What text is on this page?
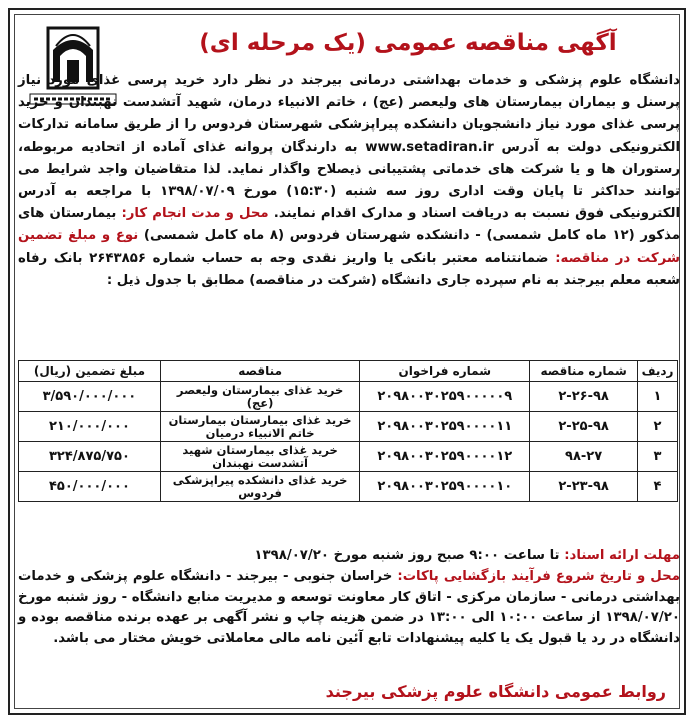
آگهی مناقصه عمومی (یک مرحله ای)
دانشگاه علوم پزشکی و خدمات بهداشتی درمانی بیرجند در نظر دارد خرید پرسی غذای مورد نیاز پرسنل و بیماران بیمارستان های ولیعصر (عج) ، خاتم الانبیاء درمان، شهید آتشدست نهبندان و خرید پرسی غذای مورد نیاز دانشجویان دانشکده پیراپزشکی شهرستان فردوس را از طریق سامانه تدارکات الکترونیکی دولت به آدرس www.setadiran.ir به دارندگان پروانه غذای آماده از اتحادیه مربوطه، رستوران ها و یا شرکت های خدماتی پشتیبانی ذیصلاح واگذار نماید. لذا متقاضیان واجد شرایط می توانند حداکثر تا پایان وقت اداری روز سه شنبه (۱۵:۳۰) مورخ ۱۳۹۸/۰۷/۰۹ با مراجعه به آدرس الکترونیکی فوق نسبت به دریافت اسناد و مدارک اقدام نمایند. محل و مدت انجام کار: بیمارستان های مذکور (۱۲ ماه کامل شمسی) - دانشکده شهرستان فردوس (۸ ماه کامل شمسی) نوع و مبلغ تضمین شرکت در مناقصه: ضمانتنامه معتبر بانکی یا واریز نقدی وجه به حساب شماره ۲۶۴۳۸۵۶ بانک رفاه شعبه معلم بیرجند به نام سپرده جاری دانشگاه (شرکت در مناقصه) مطابق با جدول ذیل :
ردیف	شماره مناقصه	شماره فراخوان	مناقصه	مبلغ تضمین (ریال)
۱	۲-۲۶-۹۸	۲۰۹۸۰۰۳۰۲۵۹۰۰۰۰۰۹	خرید غذای بیمارستان ولیعصر (عج)	۳/۵۹۰/۰۰۰/۰۰۰
۲	۲-۲۵-۹۸	۲۰۹۸۰۰۳۰۲۵۹۰۰۰۰۱۱	خرید غذای بیمارستان بیمارستان خاتم الانبیاء درمیان	۲۱۰/۰۰۰/۰۰۰
۳	۹۸-۲۷	۲۰۹۸۰۰۳۰۲۵۹۰۰۰۰۱۲	خرید غذای بیمارستان شهید آتشدست نهبندان	۳۲۴/۸۷۵/۷۵۰
۴	۲-۲۳-۹۸	۲۰۹۸۰۰۳۰۲۵۹۰۰۰۰۱۰	خرید غذای دانشکده پیراپزشکی فردوس	۴۵۰/۰۰۰/۰۰۰
مهلت ارائه اسناد: تا ساعت ۹:۰۰ صبح روز شنبه مورخ ۱۳۹۸/۰۷/۲۰
محل و تاریخ شروع فرآیند بازگشایی پاکات: خراسان جنوبی - بیرجند - دانشگاه علوم پزشکی و خدمات بهداشتی درمانی - سازمان مرکزی - اتاق کار معاونت توسعه و مدیریت منابع دانشگاه - روز شنبه مورخ ۱۳۹۸/۰۷/۲۰ از ساعت ۱۰:۰۰ الی ۱۳:۰۰ در ضمن هزینه چاپ و نشر آگهی بر عهده برنده مناقصه بوده و دانشگاه در رد یا قبول یک یا کلیه پیشنهادات تابع آئین نامه مالی معاملاتی خویش مختار می باشد.
روابط عمومی دانشگاه علوم پزشکی بیرجند
